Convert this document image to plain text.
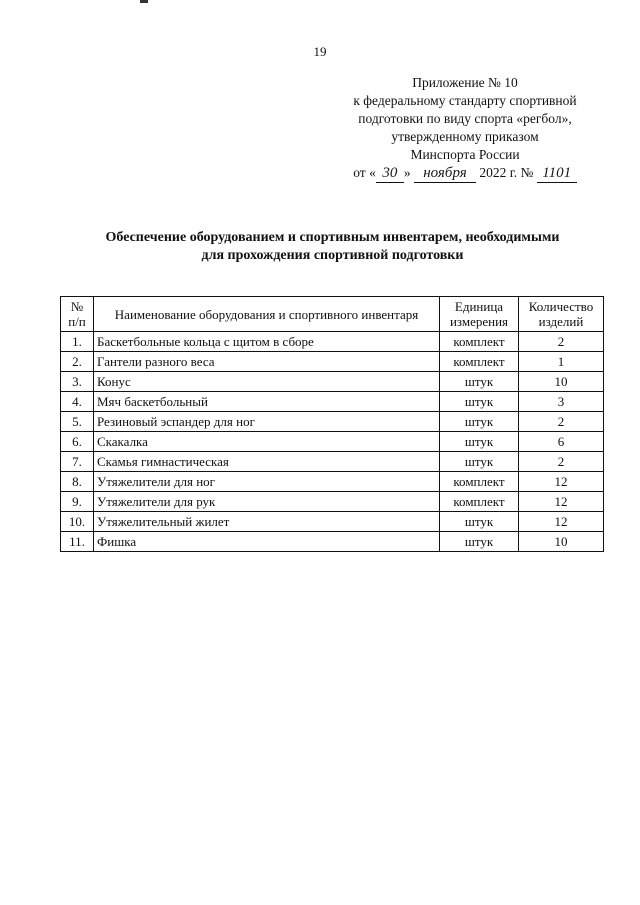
19
Приложение № 10
к федеральному стандарту спортивной
подготовки по виду спорта «регбол»,
утвержденному приказом
Минспорта России
от « 30 » ноября 2022 г. № 1101
Обеспечение оборудованием и спортивным инвентарем, необходимыми
для прохождения спортивной подготовки
№ п/п	Наименование оборудования и спортивного инвентаря	Единица измерения	Количество изделий
1.	Баскетбольные кольца с щитом в сборе	комплект	2
2.	Гантели разного веса	комплект	1
3.	Конус	штук	10
4.	Мяч баскетбольный	штук	3
5.	Резиновый эспандер для ног	штук	2
6.	Скакалка	штук	6
7.	Скамья гимнастическая	штук	2
8.	Утяжелители для ног	комплект	12
9.	Утяжелители для рук	комплект	12
10.	Утяжелительный жилет	штук	12
11.	Фишка	штук	10
